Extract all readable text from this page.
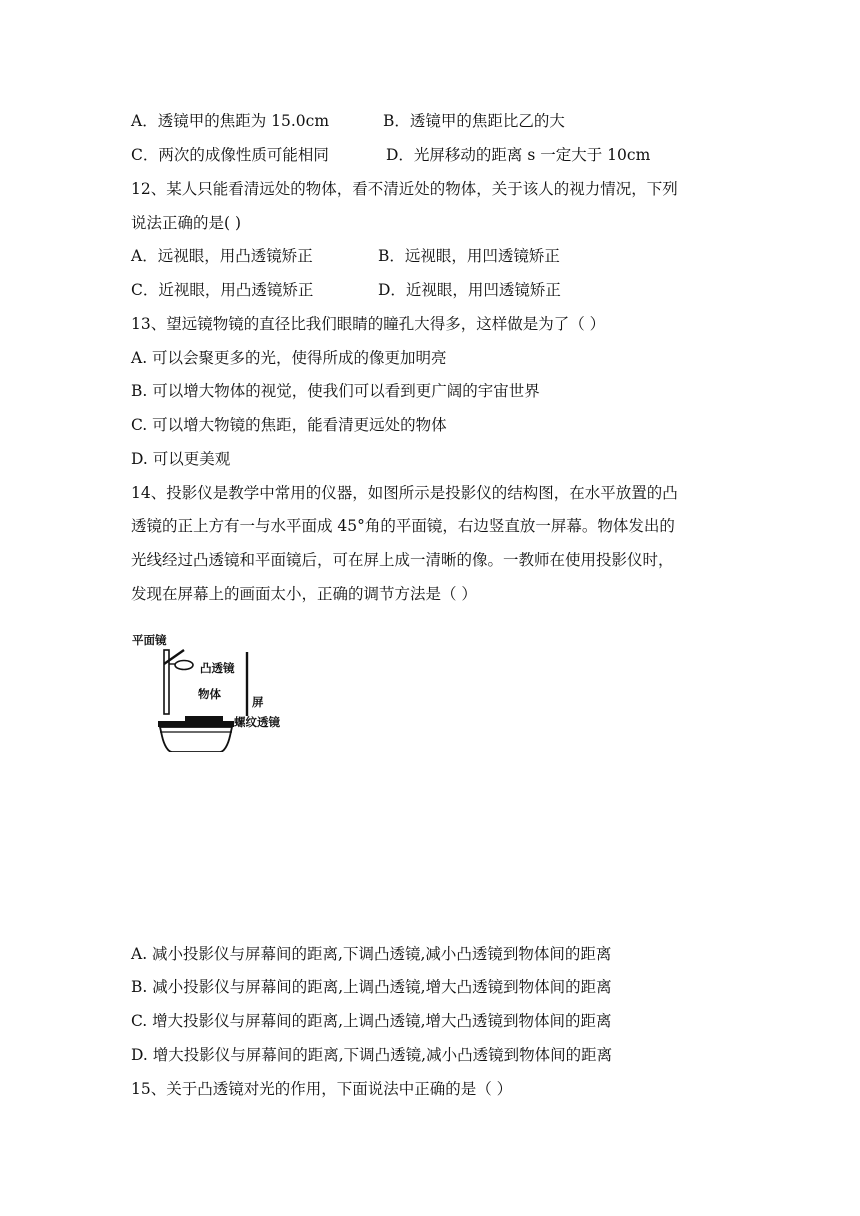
A．透镜甲的焦距为 15.0cm	B．透镜甲的焦距比乙的大
C．两次的成像性质可能相同	D．光屏移动的距离 s 一定大于 10cm
12、某人只能看清远处的物体，看不清近处的物体，关于该人的视力情况，下列
说法正确的是( )
A．远视眼，用凸透镜矫正	B．远视眼，用凹透镜矫正
C．近视眼，用凸透镜矫正	D．近视眼，用凹透镜矫正
13、望远镜物镜的直径比我们眼睛的瞳孔大得多，这样做是为了（ ）
A. 可以会聚更多的光，使得所成的像更加明亮
B. 可以增大物体的视觉，使我们可以看到更广阔的宇宙世界
C. 可以增大物镜的焦距，能看清更远处的物体
D. 可以更美观
14、投影仪是教学中常用的仪器，如图所示是投影仪的结构图，在水平放置的凸
透镜的正上方有一与水平面成 45°角的平面镜，右边竖直放一屏幕。物体发出的
光线经过凸透镜和平面镜后，可在屏上成一清晰的像。一教师在使用投影仪时，
发现在屏幕上的画面太小，正确的调节方法是（ ）
平面镜
凸透镜
物体
屏
螺纹透镜
A. 减小投影仪与屏幕间的距离,下调凸透镜,减小凸透镜到物体间的距离
B. 减小投影仪与屏幕间的距离,上调凸透镜,增大凸透镜到物体间的距离
C. 增大投影仪与屏幕间的距离,上调凸透镜,增大凸透镜到物体间的距离
D. 增大投影仪与屏幕间的距离,下调凸透镜,减小凸透镜到物体间的距离
15、关于凸透镜对光的作用，下面说法中正确的是（ ）
